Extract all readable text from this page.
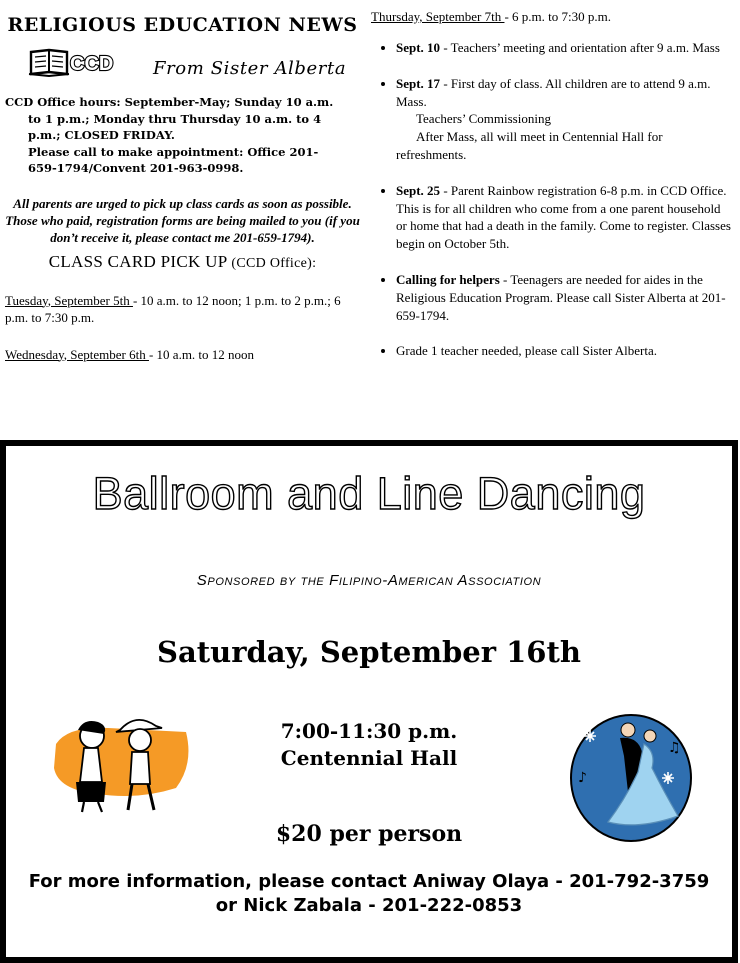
RELIGIOUS EDUCATION NEWS
CCD From Sister Alberta

CCD Office hours: September-May; Sunday 10 a.m.

to 1 p.m.; Monday thru Thursday 10 a.m. to 4
p.m.; CLOSED FRIDAY.
Please call to make appointment: Office 201-
659-1794/Convent 201-963-0998.

All parents are urged to pick up class cards as soon as possible. Those who paid, registration forms are being mailed to you (if you don’t receive it, please contact me 201-659-1794).

CLASS CARD PICK UP (CCD Office):

Tuesday, September 5th - 10 a.m. to 12 noon; 1 p.m. to 2 p.m.; 6 p.m. to 7:30 p.m.

Wednesday, September 6th - 10 a.m. to 12 noon

Thursday, September 7th - 6 p.m. to 7:30 p.m.

• Sept. 10 - Teachers’ meeting and orientation after 9 a.m. Mass
• Sept. 17 - First day of class. All children are to attend 9 a.m. Mass.
Teachers’ Commissioning
After Mass, all will meet in Centennial Hall for
refreshments.
• Sept. 25 - Parent Rainbow registration 6-8 p.m. in CCD Office. This is for all children who come from a one parent household or home that had a death in the family. Come to register. Classes begin on October 5th.
• Calling for helpers - Teenagers are needed for aides in the Religious Education Program. Please call Sister Alberta at 201-659-1794.
• Grade 1 teacher needed, please call Sister Alberta.
Ballroom and Line Dancing
Sponsored by the Filipino-American Association
Saturday, September 16th
7:00-11:30 p.m.
Centennial Hall
$20 per person
For more information, please contact Aniway Olaya - 201-792-3759
or Nick Zabala - 201-222-0853
♪
♫
